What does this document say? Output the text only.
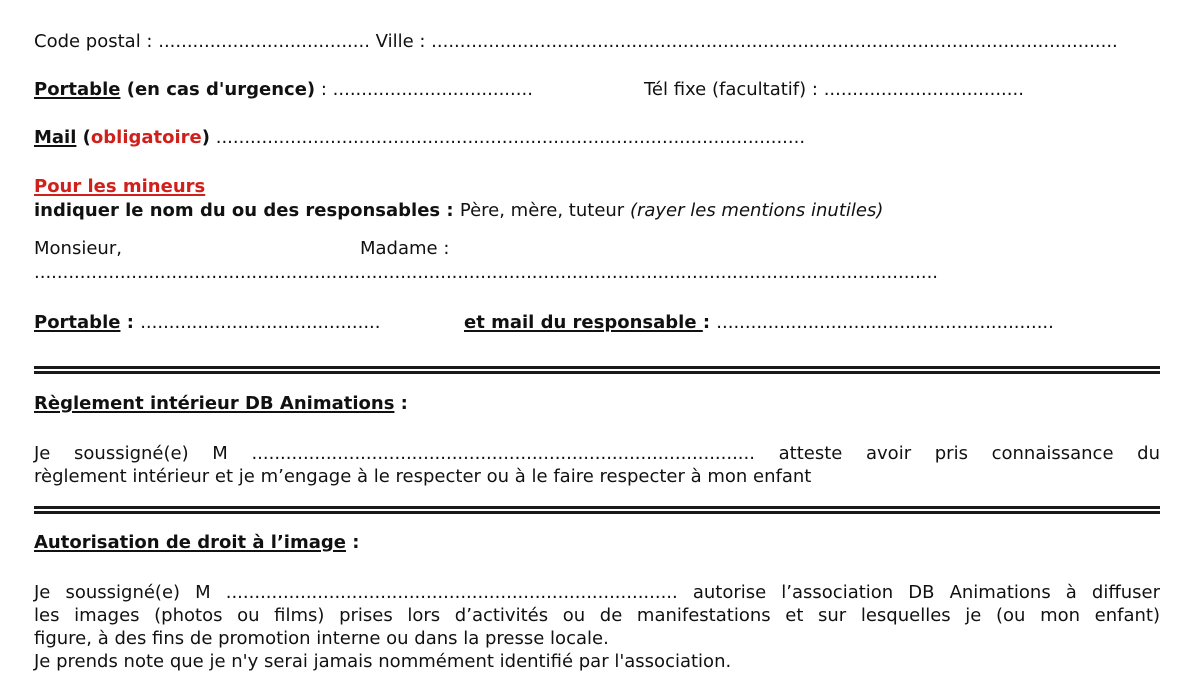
Code postal : ..................................... Ville : ........................................................................................................................
Portable (en cas d'urgence) : ...................................	Tél fixe (facultatif) : ...................................
Mail (obligatoire) .......................................................................................................
Pour les mineurs
indiquer le nom du ou des responsables : Père, mère, tuteur (rayer les mentions inutiles)
Monsieur,	Madame :
..............................................................................................................................................................
Portable : ..........................................	et mail du responsable : ...........................................................
Règlement intérieur DB Animations :
Je soussigné(e) M ........................................................................................ atteste avoir pris connaissance du
règlement intérieur et je m’engage à le respecter ou à le faire respecter à mon enfant
Autorisation de droit à l’image :
Je soussigné(e) M ............................................................................... autorise l’association DB Animations à diffuser
les images (photos ou films) prises lors d’activités ou de manifestations et sur lesquelles je (ou mon enfant)
figure, à des fins de promotion interne ou dans la presse locale.
Je prends note que je n'y serai jamais nommément identifié par l'association.
